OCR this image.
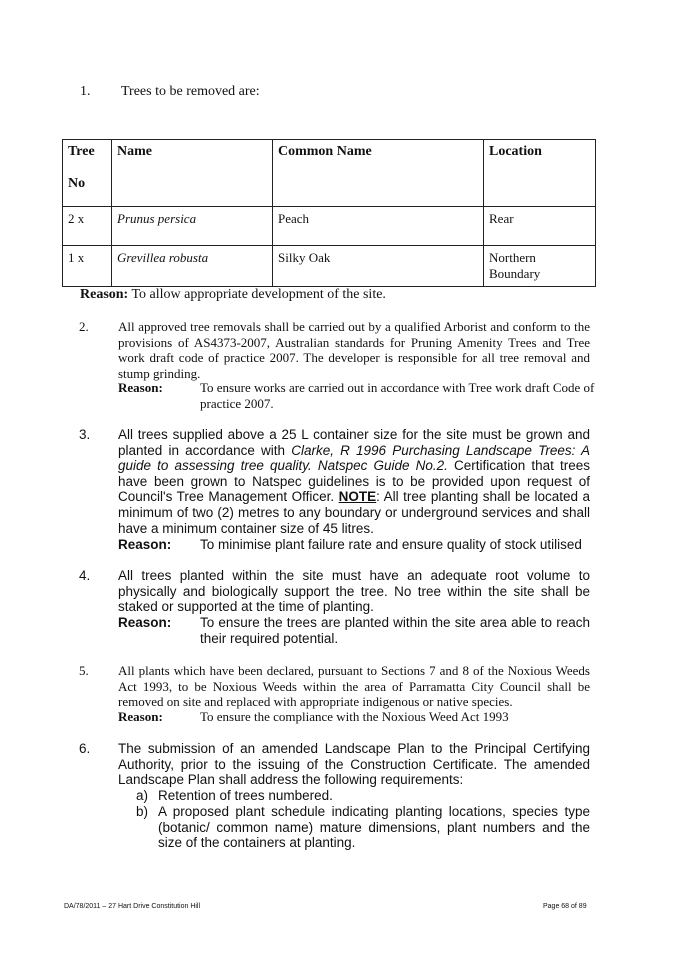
1. Trees to be removed are:
Tree

No	Name	Common Name	Location
2 x	Prunus persica	Peach	Rear
1 x	Grevillea robusta	Silky Oak	Northern
Boundary
Reason: To allow appropriate development of the site.
2. All approved tree removals shall be carried out by a qualified Arborist and conform to the provisions of AS4373-2007, Australian standards for Pruning Amenity Trees and Tree work draft code of practice 2007. The developer is responsible for all tree removal and stump grinding.
Reason:	To ensure works are carried out in accordance with Tree work draft Code of practice 2007.
3. All trees supplied above a 25 L container size for the site must be grown and planted in accordance with Clarke, R 1996 Purchasing Landscape Trees: A guide to assessing tree quality. Natspec Guide No.2. Certification that trees have been grown to Natspec guidelines is to be provided upon request of Council's Tree Management Officer. NOTE: All tree planting shall be located a minimum of two (2) metres to any boundary or underground services and shall have a minimum container size of 45 litres.
Reason: To minimise plant failure rate and ensure quality of stock utilised
4. All trees planted within the site must have an adequate root volume to physically and biologically support the tree. No tree within the site shall be staked or supported at the time of planting.
Reason: To ensure the trees are planted within the site area able to reach their required potential.
5. All plants which have been declared, pursuant to Sections 7 and 8 of the Noxious Weeds Act 1993, to be Noxious Weeds within the area of Parramatta City Council shall be removed on site and replaced with appropriate indigenous or native species.
Reason:	To ensure the compliance with the Noxious Weed Act 1993
6. The submission of an amended Landscape Plan to the Principal Certifying Authority, prior to the issuing of the Construction Certificate. The amended Landscape Plan shall address the following requirements:
a) Retention of trees numbered.
b) A proposed plant schedule indicating planting locations, species type (botanic/ common name) mature dimensions, plant numbers and the size of the containers at planting.
DA/78/2011 – 27 Hart Drive Constitution Hill	Page 68 of 89
